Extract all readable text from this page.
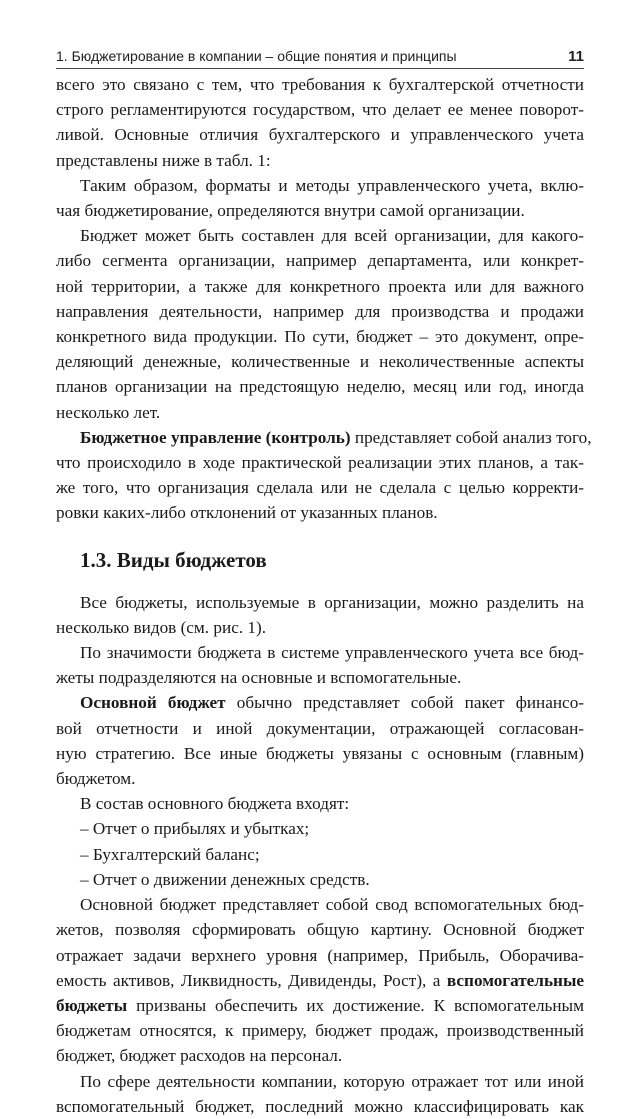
1. Бюджетирование в компании – общие понятия и принципы	11

всего это связано с тем, что требования к бухгалтерской отчетности
строго регламентируются государством, что делает ее менее поворот-
ливой. Основные отличия бухгалтерского и управленческого учета
представлены ниже в табл. 1:

Таким образом, форматы и методы управленческого учета, вклю-
чая бюджетирование, определяются внутри самой организации.

Бюджет может быть составлен для всей организации, для какого-
либо сегмента организации, например департамента, или конкрет-
ной территории, а также для конкретного проекта или для важного
направления деятельности, например для производства и продажи
конкретного вида продукции. По сути, бюджет – это документ, опре-
деляющий денежные, количественные и неколичественные аспекты
планов организации на предстоящую неделю, месяц или год, иногда
несколько лет.

Бюджетное управление (контроль) представляет собой анализ того,
что происходило в ходе практической реализации этих планов, а так-
же того, что организация сделала или не сделала с целью корректи-
ровки каких-либо отклонений от указанных планов.

1.3. Виды бюджетов

Все бюджеты, используемые в организации, можно разделить на
несколько видов (см. рис. 1).

По значимости бюджета в системе управленческого учета все бюд-
жеты подразделяются на основные и вспомогательные.

Основной бюджет обычно представляет собой пакет финансо-
вой отчетности и иной документации, отражающей согласован-
ную стратегию. Все иные бюджеты увязаны с основным (главным)
бюджетом.

В состав основного бюджета входят:
– Отчет о прибылях и убытках;
– Бухгалтерский баланс;
– Отчет о движении денежных средств.

Основной бюджет представляет собой свод вспомогательных бюд-
жетов, позволяя сформировать общую картину. Основной бюджет
отражает задачи верхнего уровня (например, Прибыль, Оборачива-
емость активов, Ликвидность, Дивиденды, Рост), а вспомогательные
бюджеты призваны обеспечить их достижение. К вспомогательным
бюджетам относятся, к примеру, бюджет продаж, производственный
бюджет, бюджет расходов на персонал.

По сфере деятельности компании, которую отражает тот или иной
вспомогательный бюджет, последний можно классифицировать как
